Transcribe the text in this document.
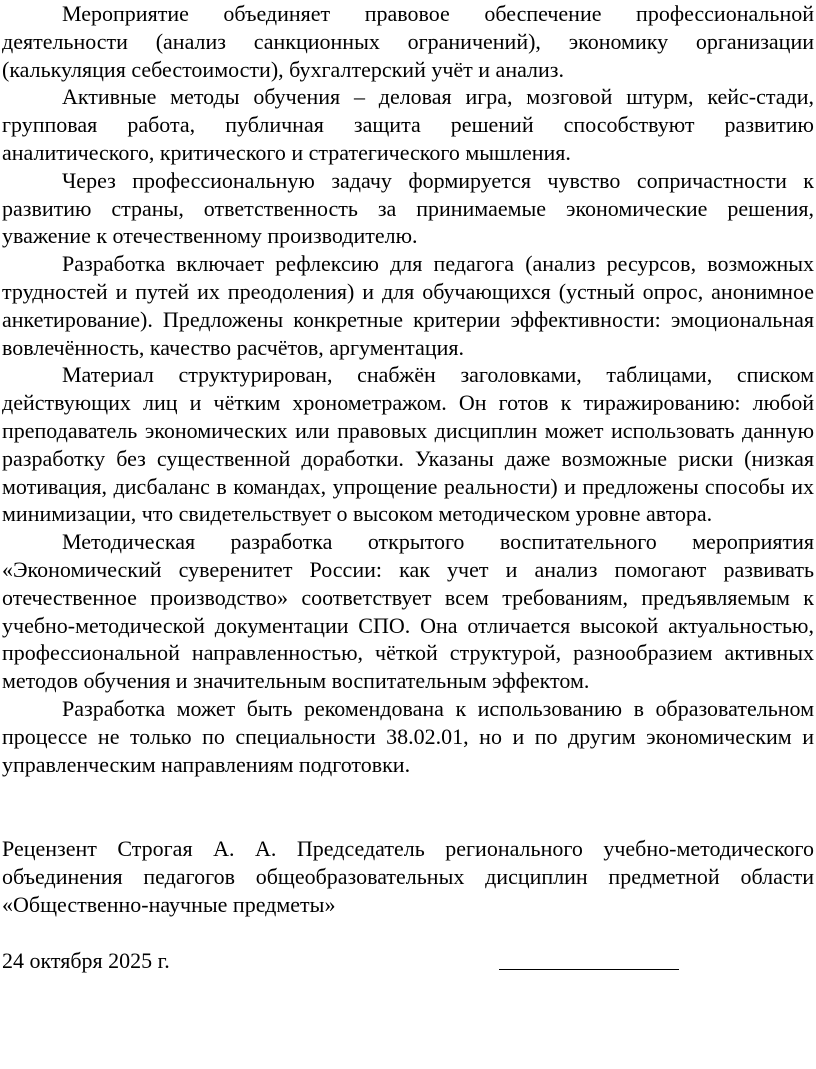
Мероприятие объединяет правовое обеспечение профессиональной деятельности (анализ санкционных ограничений), экономику организации (калькуляция себестоимости), бухгалтерский учёт и анализ.

Активные методы обучения – деловая игра, мозговой штурм, кейс-стади, групповая работа, публичная защита решений способствуют развитию аналитического, критического и стратегического мышления.

Через профессиональную задачу формируется чувство сопричастности к развитию страны, ответственность за принимаемые экономические решения, уважение к отечественному производителю.

Разработка включает рефлексию для педагога (анализ ресурсов, возможных трудностей и путей их преодоления) и для обучающихся (устный опрос, анонимное анкетирование). Предложены конкретные критерии эффективности: эмоциональная вовлечённость, качество расчётов, аргументация.

Материал структурирован, снабжён заголовками, таблицами, списком действующих лиц и чётким хронометражом. Он готов к тиражированию: любой преподаватель экономических или правовых дисциплин может использовать данную разработку без существенной доработки. Указаны даже возможные риски (низкая мотивация, дисбаланс в командах, упрощение реальности) и предложены способы их минимизации, что свидетельствует о высоком методическом уровне автора.

Методическая разработка открытого воспитательного мероприятия «Экономический суверенитет России: как учет и анализ помогают развивать отечественное производство» соответствует всем требованиям, предъявляемым к учебно-методической документации СПО. Она отличается высокой актуальностью, профессиональной направленностью, чёткой структурой, разнообразием активных методов обучения и значительным воспитательным эффектом.

Разработка может быть рекомендована к использованию в образовательном процессе не только по специальности 38.02.01, но и по другим экономическим и управленческим направлениям подготовки.

Рецензент Строгая А. А. Председатель регионального учебно-методического объединения педагогов общеобразовательных дисциплин предметной области «Общественно-научные предметы»

24 октября 2025 г.
